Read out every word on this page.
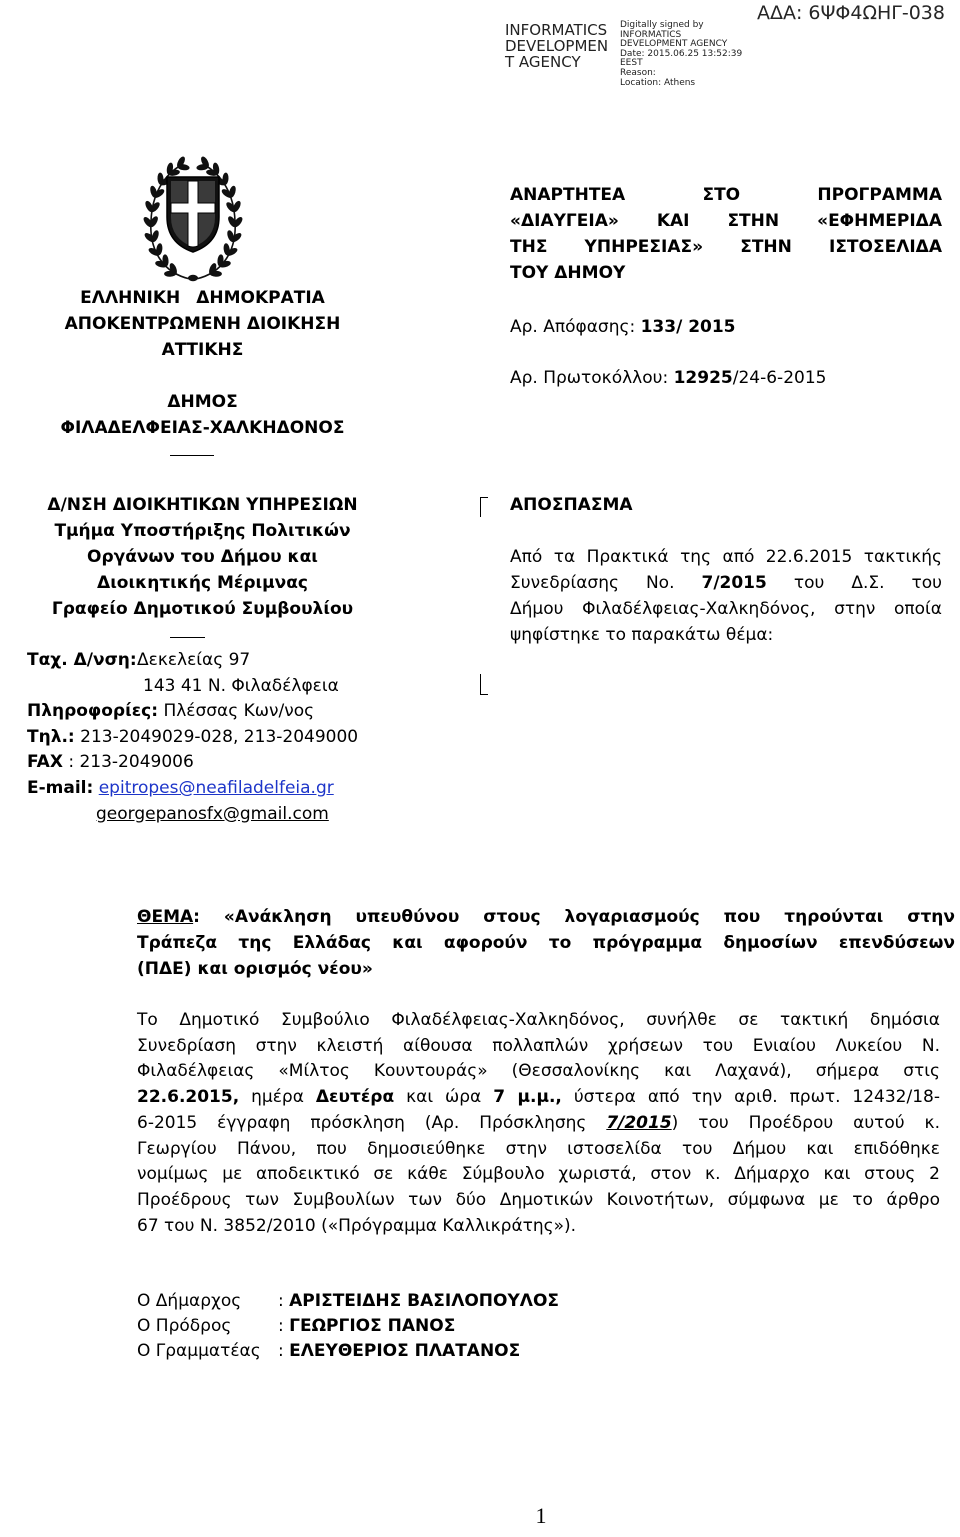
ΑΔΑ: 6ΨΦ4ΩΗΓ-038
INFORMATICS
DEVELOPMEN
T AGENCY
Digitally signed by
INFORMATICS
DEVELOPMENT AGENCY
Date: 2015.06.25 13:52:39
EEST
Reason:
Location: Athens
ΕΛΛΗΝΙΚΗ ΔΗΜΟΚΡΑΤΙΑ
ΑΠΟΚΕΝΤΡΩΜΕΝΗ ΔΙΟΙΚΗΣΗ
ΑΤΤΙΚΗΣ
ΔΗΜΟΣ
ΦΙΛΑΔΕΛΦΕΙΑΣ-ΧΑΛΚΗΔΟΝΟΣ
ΑΝΑΡΤΗΤΕΑ ΣΤΟ ΠΡΟΓΡΑΜΜΑ
«ΔΙΑΥΓΕΙΑ» ΚΑΙ ΣΤΗΝ «ΕΦΗΜΕΡΙΔΑ
ΤΗΣ ΥΠΗΡΕΣΙΑΣ» ΣΤΗΝ ΙΣΤΟΣΕΛΙΔΑ
ΤΟΥ ΔΗΜΟΥ
Αρ. Απόφασης: 133/ 2015
Αρ. Πρωτοκόλλου: 12925/24-6-2015
Δ/ΝΣΗ ΔΙΟΙΚΗΤΙΚΩΝ ΥΠΗΡΕΣΙΩΝ
Τμήμα Υποστήριξης Πολιτικών
Οργάνων του Δήμου και
Διοικητικής Μέριμνας
Γραφείο Δημοτικού Συμβουλίου
Ταχ. Δ/νση:Δεκελείας 97
143 41 Ν. Φιλαδέλφεια
Πληροφορίες: Πλέσσας Κων/νος
Τηλ.: 213-2049029-028, 213-2049000
FAX : 213-2049006
E-mail: epitropes@neafiladelfeia.gr
georgepanosfx@gmail.com
ΑΠΟΣΠΑΣΜΑ
Από τα Πρακτικά της από 22.6.2015 τακτικής
Συνεδρίασης Νο. 7/2015 του Δ.Σ. του
Δήμου Φιλαδέλφειας-Χαλκηδόνος, στην οποία
ψηφίστηκε το παρακάτω θέμα:
ΘΕΜΑ: «Ανάκληση υπευθύνου στους λογαριασμούς που τηρούνται στην
Τράπεζα της Ελλάδας και αφορούν το πρόγραμμα δημοσίων επενδύσεων
(ΠΔΕ) και ορισμός νέου»
Το Δημοτικό Συμβούλιο Φιλαδέλφειας-Χαλκηδόνος, συνήλθε σε τακτική δημόσια
Συνεδρίαση στην κλειστή αίθουσα πολλαπλών χρήσεων του Ενιαίου Λυκείου Ν.
Φιλαδέλφειας «Μίλτος Κουντουράς» (Θεσσαλονίκης και Λαχανά), σήμερα στις
22.6.2015, ημέρα Δευτέρα και ώρα 7 μ.μ., ύστερα από την αριθ. πρωτ. 12432/18-
6-2015 έγγραφη πρόσκληση (Αρ. Πρόσκλησης 7/2015) του Προέδρου αυτού κ.
Γεωργίου Πάνου, που δημοσιεύθηκε στην ιστοσελίδα του Δήμου και επιδόθηκε
νομίμως με αποδεικτικό σε κάθε Σύμβουλο χωριστά, στον κ. Δήμαρχο και στους 2
Προέδρους των Συμβουλίων των δύο Δημοτικών Κοινοτήτων, σύμφωνα με το άρθρο
67 του Ν. 3852/2010 («Πρόγραμμα Καλλικράτης»).
Ο Δήμαρχος : ΑΡΙΣΤΕΙΔΗΣ ΒΑΣΙΛΟΠΟΥΛΟΣ
Ο Πρόδρος	: ΓΕΩΡΓΙΟΣ ΠΑΝΟΣ
Ο Γραμματέας : ΕΛΕΥΘΕΡΙΟΣ ΠΛΑΤΑΝΟΣ
1
